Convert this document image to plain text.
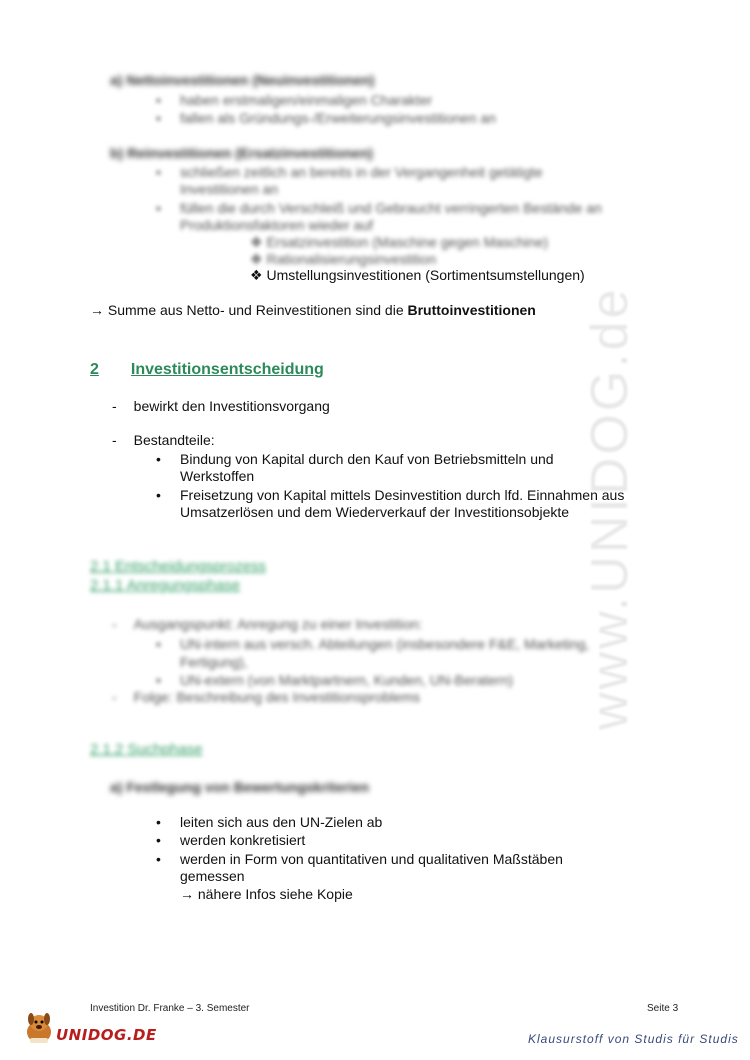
www.UNIDOG.de
a) Nettoinvestitionen (Neuinvestitionen)
• haben erstmaligen/einmaligen Charakter
• fallen als Gründungs-/Erweiterungsinvestitionen an
b) Reinvestitionen (Ersatzinvestitionen)
• schließen zeitlich an bereits in der Vergangenheit getätigte
Investitionen an
• füllen die durch Verschleiß und Gebraucht verringerten Bestände an
Produktionsfaktoren wieder auf
❖ Ersatzinvestition (Maschine gegen Maschine)
❖ Rationalisierungsinvestition
❖ Umstellungsinvestitionen (Sortimentsumstellungen)
→ Summe aus Netto- und Reinvestitionen sind die Bruttoinvestitionen
2 Investitionsentscheidung
- bewirkt den Investitionsvorgang
- Bestandteile:
• Bindung von Kapital durch den Kauf von Betriebsmitteln und
Werkstoffen
• Freisetzung von Kapital mittels Desinvestition durch lfd. Einnahmen aus
Umsatzerlösen und dem Wiederverkauf der Investitionsobjekte
2.1 Entscheidungsprozess
2.1.1 Anregungsphase
- Ausgangspunkt: Anregung zu einer Investition:
• UN-intern aus versch. Abteilungen (insbesondere F&E, Marketing,
Fertigung),
• UN-extern (von Marktpartnern, Kunden, UN-Beratern)
- Folge: Beschreibung des Investitionsproblems
2.1.2 Suchphase
a) Festlegung von Bewertungskriterien
• leiten sich aus den UN-Zielen ab
• werden konkretisiert
• werden in Form von quantitativen und qualitativen Maßstäben
gemessen
→ nähere Infos siehe Kopie
Investition Dr. Franke – 3. Semester	Seite 3
UNIDOG.DE	Klausurstoff von Studis für Studis
